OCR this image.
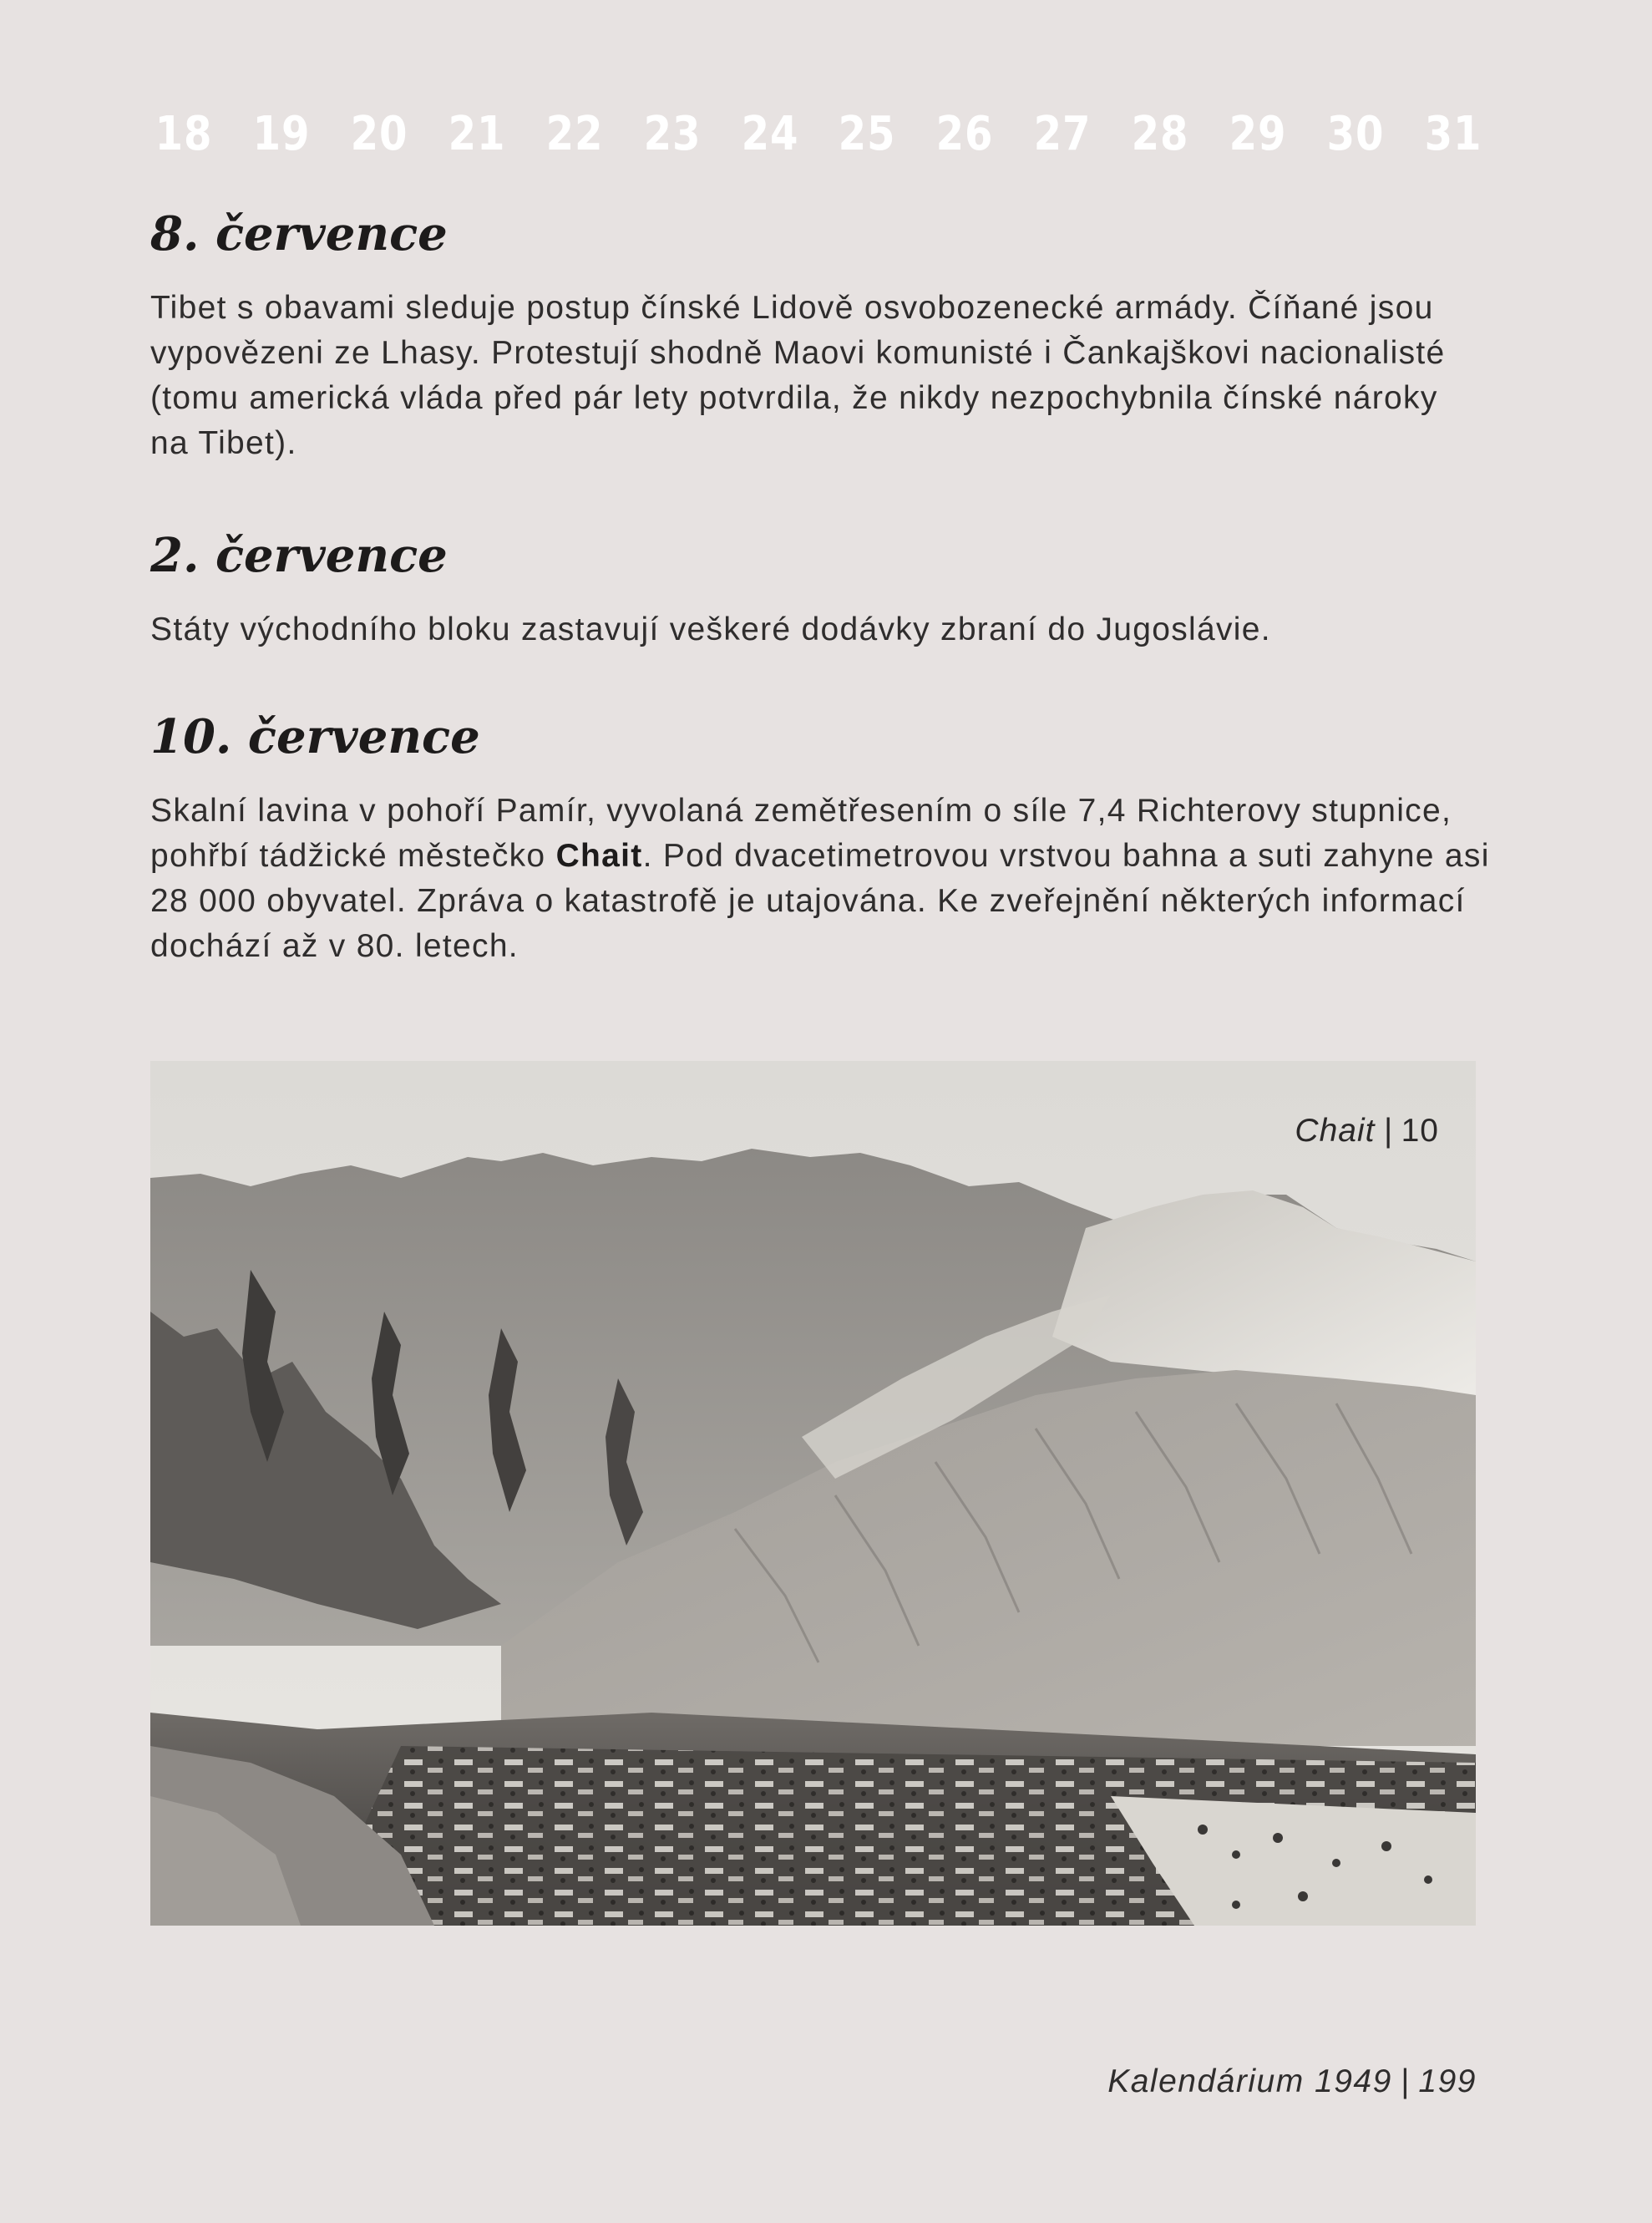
18 19 20 21 22 23 24 25 26 27 28 29 30 31
8. července

Tibet s obavami sleduje postup čínské Lidově osvobozenecké armády. Číňané jsou
vypovězeni ze Lhasy. Protestují shodně Maovi komunisté i Čankajškovi nacionalisté
(tomu americká vláda před pár lety potvrdila, že nikdy nezpochybnila čínské nároky
na Tibet).

2. července

Státy východního bloku zastavují veškeré dodávky zbraní do Jugoslávie.

10. července

Skalní lavina v pohoří Pamír, vyvolaná zemětřesením o síle 7,4 Richterovy stupnice,
pohřbí tádžické městečko Chait. Pod dvacetimetrovou vrstvou bahna a suti zahyne asi
28 000 obyvatel. Zpráva o katastrofě je utajována. Ke zveřejnění některých informací
dochází až v 80. letech.

Chait | 10
Kalendárium 1949 | 199
